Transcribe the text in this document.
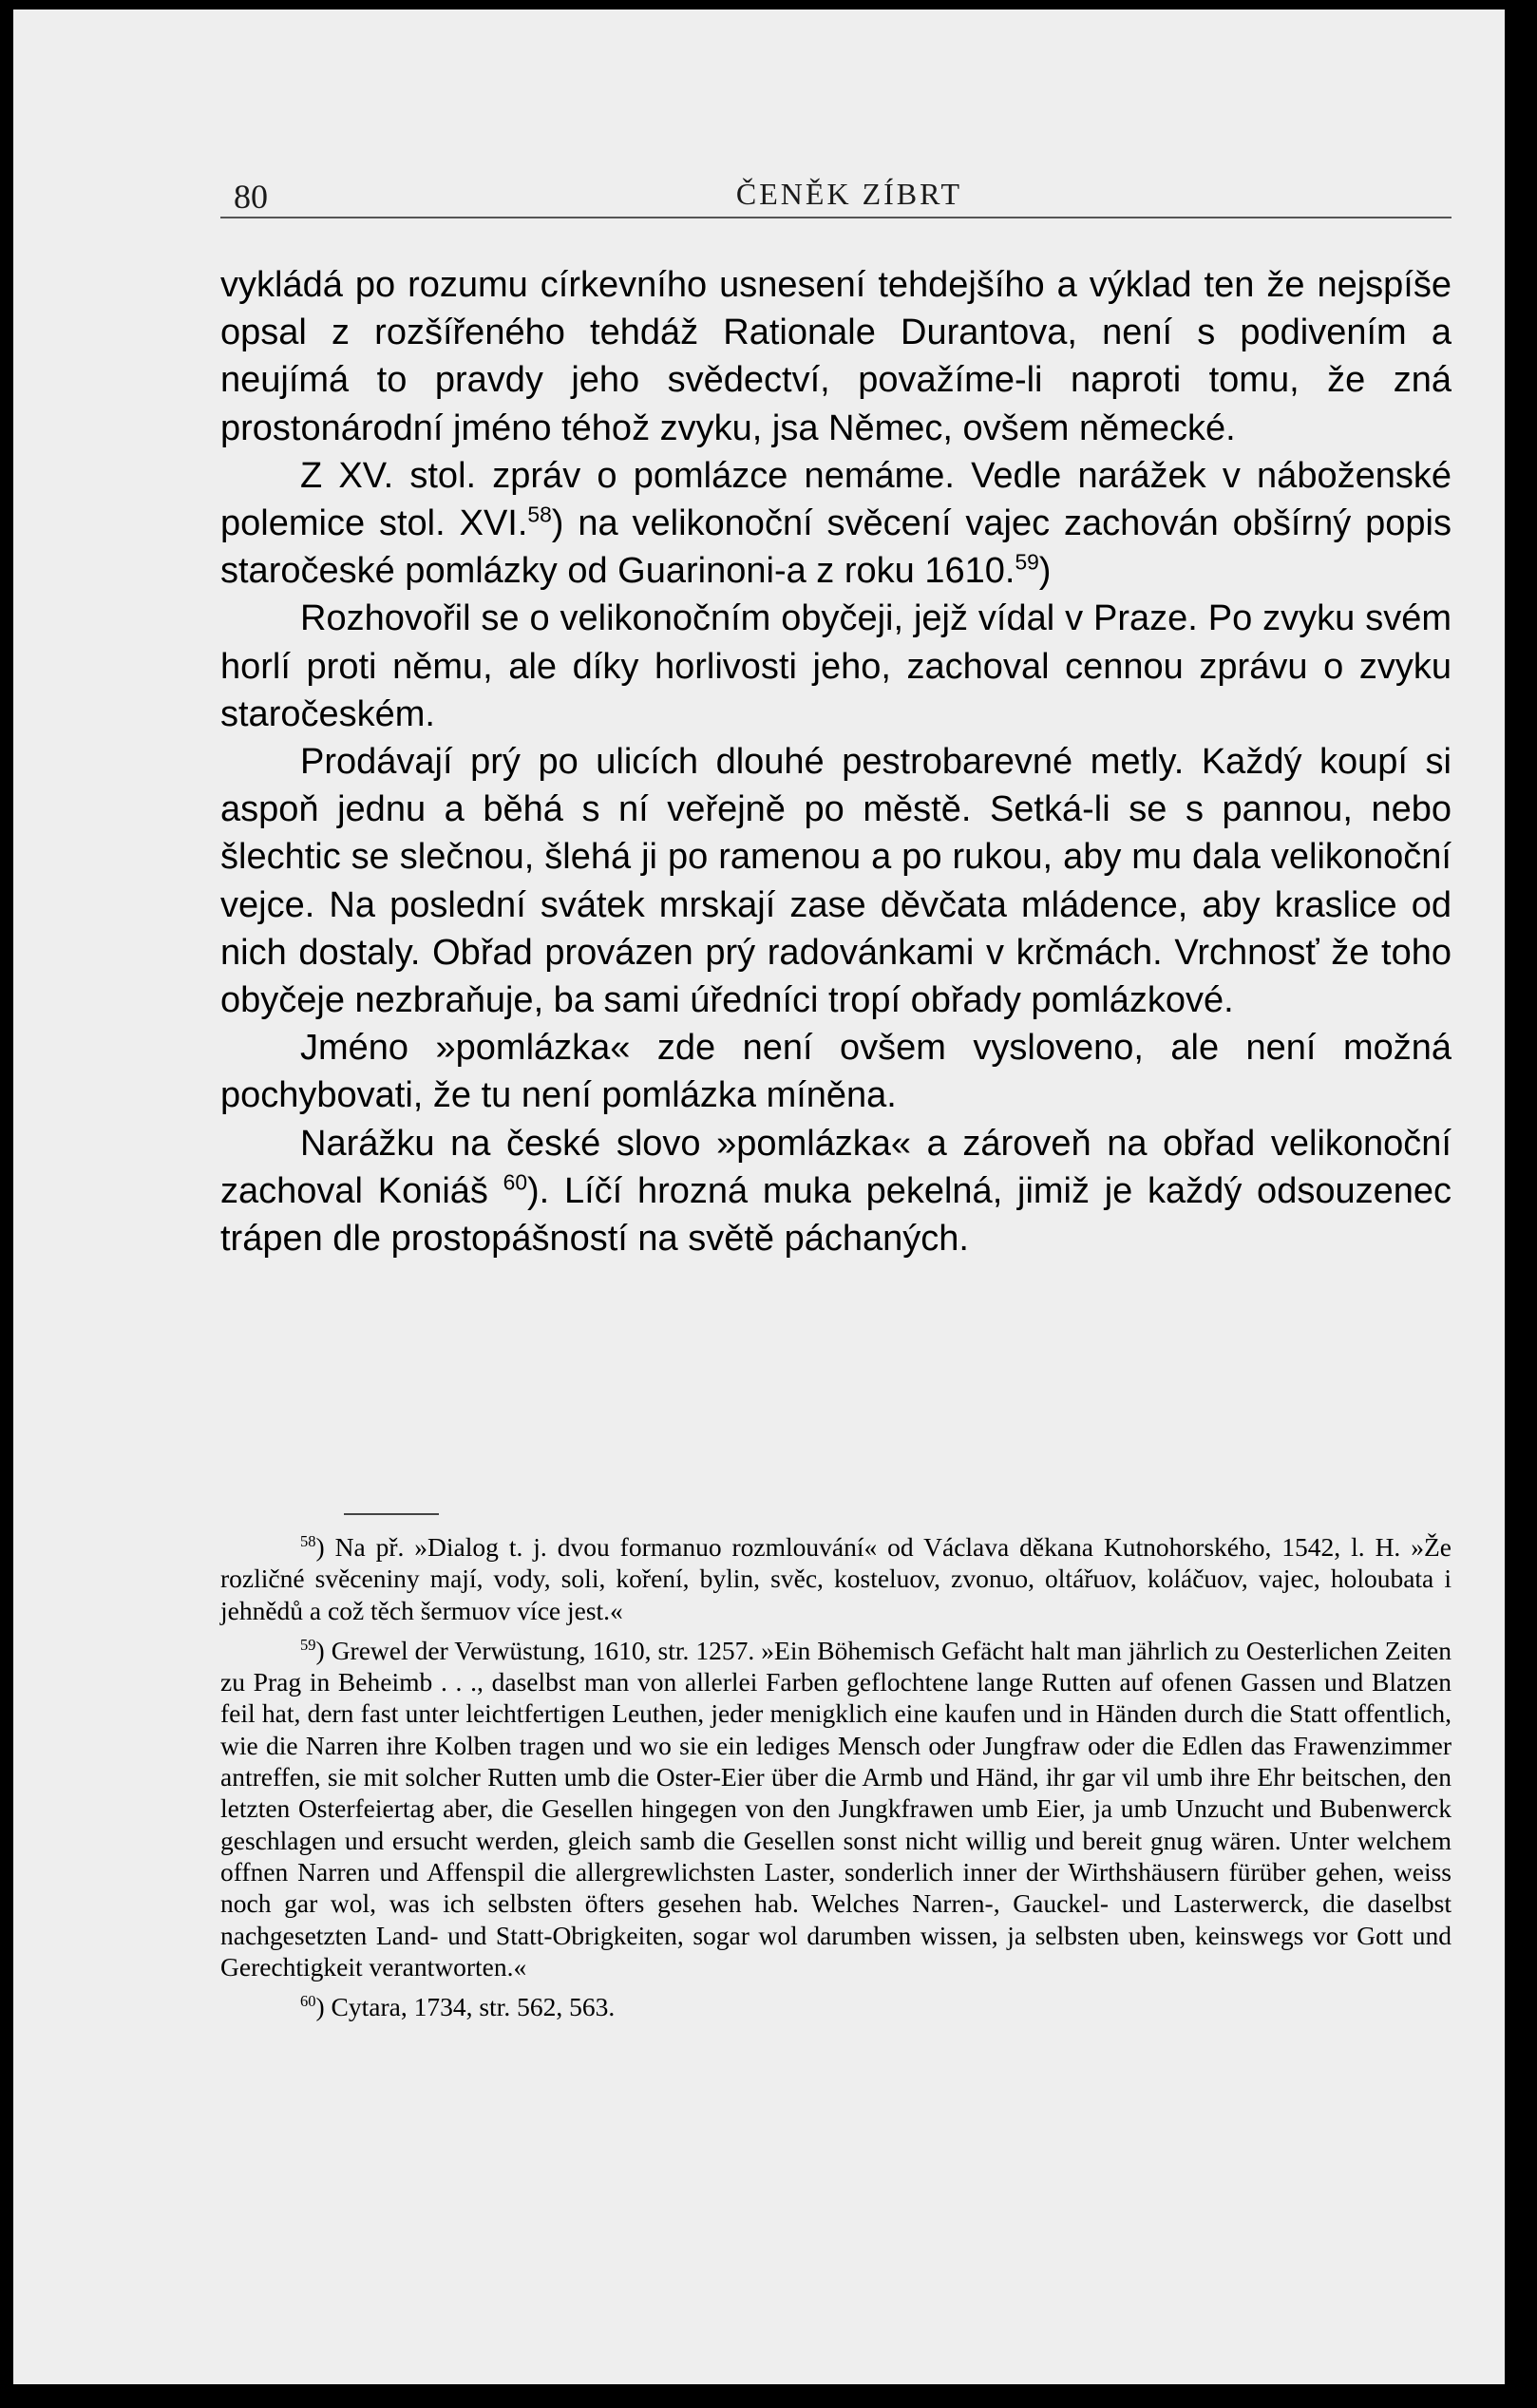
80	ČENĚK ZÍBRT

vykládá po rozumu církevního usnesení tehdejšího a výklad ten že nejspíše opsal z rozšířeného tehdáž Rationale Durantova, není s podivením a neujímá to pravdy jeho svědectví, považíme-li naproti tomu, že zná prostonárodní jméno téhož zvyku, jsa Němec, ovšem německé.

Z XV. stol. zpráv o pomlázce nemáme. Vedle narážek v náboženské polemice stol. XVI.$^{58}$) na velikonoční svěcení vajec zachován obšírný popis staročeské pomlázky od Guarinoni-a z roku 1610.59)

Rozhovořil se o velikonočním obyčeji, jejž vídal v Praze. Po zvyku svém horlí proti němu, ale díky horlivosti jeho, zachoval cennou zprávu o zvyku staročeském.

Prodávají prý po ulicích dlouhé pestrobarevné metly. Každý koupí si aspoň jednu a běhá s ní veřejně po městě. Setká-li se s pannou, nebo šlechtic se slečnou, šlehá ji po ramenou a po rukou, aby mu dala velikonoční vejce. Na poslední svátek mrskají zase děvčata mládence, aby kraslice od nich dostaly. Obřad provázen prý radovánkami v krčmách. Vrchnosť že toho obyčeje nezbraňuje, ba sami úředníci tropí obřady pomlázkové.

Jméno »pomlázka« zde není ovšem vysloveno, ale není možná pochybovati, že tu není pomlázka míněna.

Narážku na české slovo »pomlázka« a zároveň na obřad velikonoční zachoval Koniáš $^{60}$). Líčí hrozná muka pekelná, jimiž je každý odsouzenec trápen dle prostopášností na světě páchaných.

$^{58}$) Na př. »Dialog t. j. dvou formanuo rozmlouvání« od Václava děkana Kutnohorského, 1542, l. H. »Že rozličné svěceniny mají, vody, soli, koření, bylin, svěc, kosteluov, zvonuo, oltářuov, koláčuov, vajec, holoubata i jehnědů a což těch šermuov více jest.«

$^{59}$) Grewel der Verwüstung, 1610, str. 1257. »Ein Böhemisch Gefächt halt man jährlich zu Oesterlichen Zeiten zu Prag in Beheimb . . ., daselbst man von allerlei Farben geflochtene lange Rutten auf ofenen Gassen und Blatzen feil hat, dern fast unter leichtfertigen Leuthen, jeder menigklich eine kaufen und in Händen durch die Statt offentlich, wie die Narren ihre Kolben tragen und wo sie ein lediges Mensch oder Jungfraw oder die Edlen das Frawenzimmer antreffen, sie mit solcher Rutten umb die Oster-Eier über die Armb und Händ, ihr gar vil umb ihre Ehr beitschen, den letzten Osterfeiertag aber, die Gesellen hingegen von den Jungkfrawen umb Eier, ja umb Unzucht und Bubenwerck geschlagen und ersucht werden, gleich samb die Gesellen sonst nicht willig und bereit gnug wären. Unter welchem offnen Narren und Affenspil die allergrewlichsten Laster, sonderlich inner der Wirthshäusern fürüber gehen, weiss noch gar wol, was ich selbsten öfters gesehen hab. Welches Narren-, Gauckel- und Lasterwerck, die daselbst nachgesetzten Land- und Statt-Obrigkeiten, sogar wol darumben wissen, ja selbsten uben, keinswegs vor Gott und Gerechtigkeit verantworten.«

$^{60}$) Cytara, 1734, str. 562, 563.
